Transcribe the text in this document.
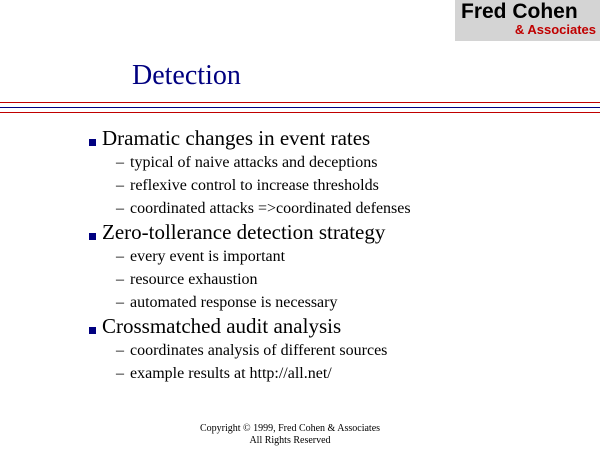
Fred Cohen
& Associates
Detection
Dramatic changes in event rates
– typical of naive attacks and deceptions
– reflexive control to increase thresholds
– coordinated attacks =>coordinated defenses
Zero-tollerance detection strategy
– every event is important
– resource exhaustion
– automated response is necessary
Crossmatched audit analysis
– coordinates analysis of different sources
– example results at http://all.net/
Copyright © 1999, Fred Cohen & Associates
All Rights Reserved
